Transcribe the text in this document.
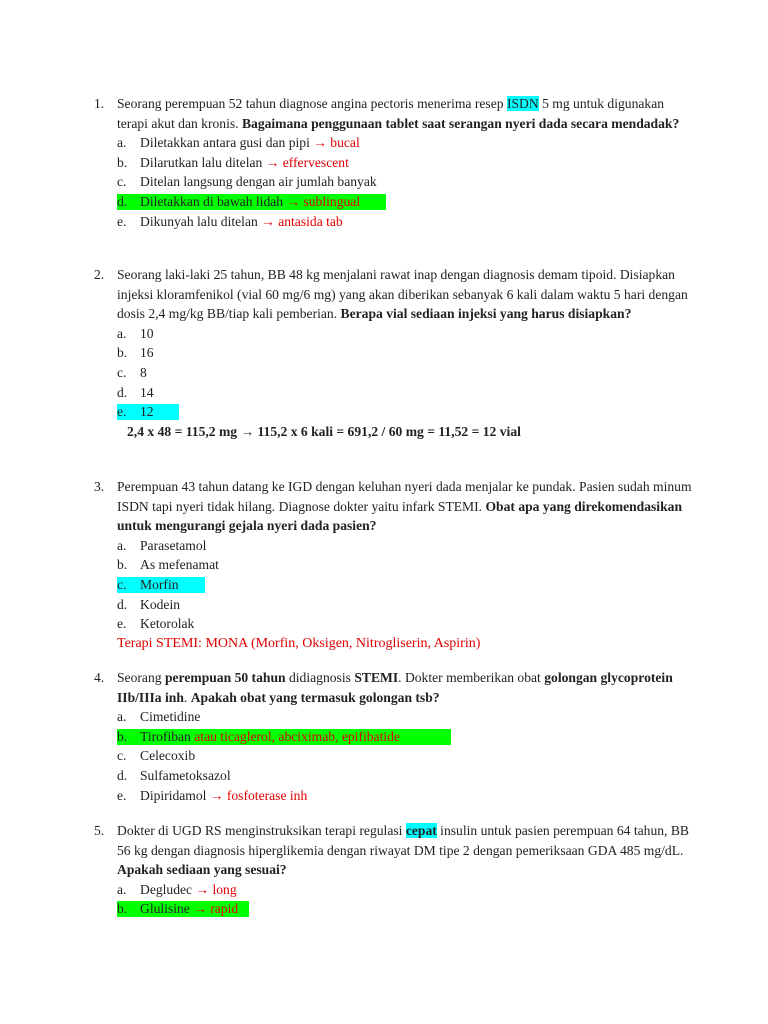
1. Seorang perempuan 52 tahun diagnose angina pectoris menerima resep ISDN 5 mg untuk digunakan terapi akut dan kronis. Bagaimana penggunaan tablet saat serangan nyeri dada secara mendadak?
a. Diletakkan antara gusi dan pipi → bucal
b. Dilarutkan lalu ditelan → effervescent
c. Ditelan langsung dengan air jumlah banyak
d. Diletakkan di bawah lidah → sublingual
e. Dikunyah lalu ditelan → antasida tab
2. Seorang laki-laki 25 tahun, BB 48 kg menjalani rawat inap dengan diagnosis demam tipoid. Disiapkan injeksi kloramfenikol (vial 60 mg/6 mg) yang akan diberikan sebanyak 6 kali dalam waktu 5 hari dengan dosis 2,4 mg/kg BB/tiap kali pemberian. Berapa vial sediaan injeksi yang harus disiapkan?
a. 10
b. 16
c. 8
d. 14
e. 12
2,4 x 48 = 115,2 mg → 115,2 x 6 kali = 691,2 / 60 mg = 11,52 = 12 vial
3. Perempuan 43 tahun datang ke IGD dengan keluhan nyeri dada menjalar ke pundak. Pasien sudah minum ISDN tapi nyeri tidak hilang. Diagnose dokter yaitu infark STEMI. Obat apa yang direkomendasikan untuk mengurangi gejala nyeri dada pasien?
a. Parasetamol
b. As mefenamat
c. Morfin
d. Kodein
e. Ketorolak
Terapi STEMI: MONA (Morfin, Oksigen, Nitrogliserin, Aspirin)
4. Seorang perempuan 50 tahun didiagnosis STEMI. Dokter memberikan obat golongan glycoprotein IIb/IIIa inh. Apakah obat yang termasuk golongan tsb?
a. Cimetidine
b. Tirofiban atau ticaglerol, abciximab, epifibatide
c. Celecoxib
d. Sulfametoksazol
e. Dipiridamol → fosfoterase inh
5. Dokter di UGD RS menginstruksikan terapi regulasi cepat insulin untuk pasien perempuan 64 tahun, BB 56 kg dengan diagnosis hiperglikemia dengan riwayat DM tipe 2 dengan pemeriksaan GDA 485 mg/dL. Apakah sediaan yang sesuai?
a. Degludec → long
b. Glulisine → rapid
